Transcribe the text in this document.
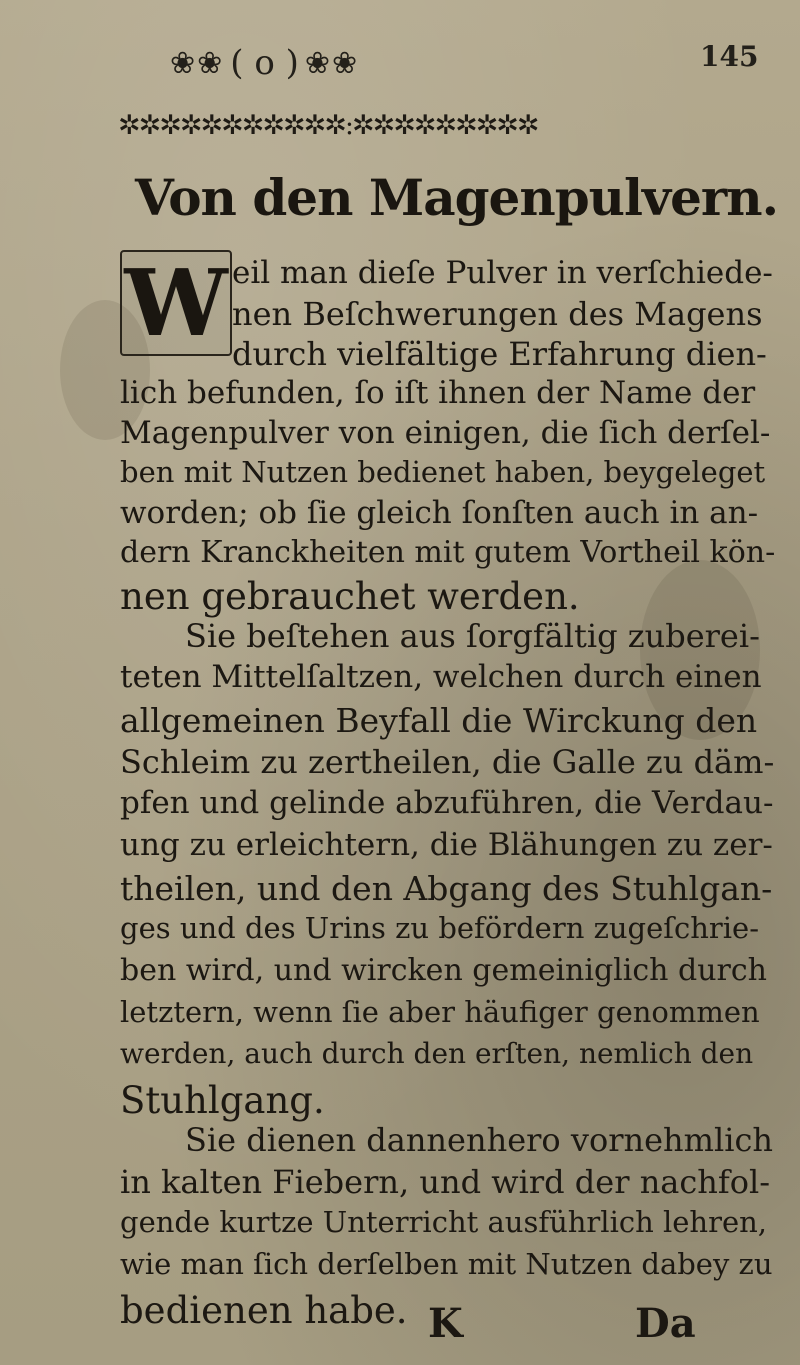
❀❀ ( o ) ❀❀	145
✲✲✲✲✲✲✲✲✲✲✲:✲✲✲✲✲✲✲✲✲
Von den Magenpulvern.
W eil man dieſe Pulver in verſchiede-
nen Beſchwerungen des Magens
durch vielfältige Erfahrung dien-
lich befunden, ſo iſt ihnen der Name der
Magenpulver von einigen, die ſich derſel-
ben mit Nutzen bedienet haben, beygeleget
worden; ob ſie gleich ſonſten auch in an-
dern Kranckheiten mit gutem Vortheil kön-
nen gebrauchet werden.
Sie beſtehen aus ſorgfältig zuberei-
teten Mittelſaltzen, welchen durch einen
allgemeinen Beyfall die Wirckung den
Schleim zu zertheilen, die Galle zu däm-
pfen und gelinde abzuführen, die Verdau-
ung zu erleichtern, die Blähungen zu zer-
theilen, und den Abgang des Stuhlgan-
ges und des Urins zu befördern zugeſchrie-
ben wird, und wircken gemeiniglich durch
letztern, wenn ſie aber häufiger genommen
werden, auch durch den erſten, nemlich den
Stuhlgang.
Sie dienen dannenhero vornehmlich
in kalten Fiebern, und wird der nachfol-
gende kurtze Unterricht ausführlich lehren,
wie man ſich derſelben mit Nutzen dabey zu
bedienen habe. K	Da
